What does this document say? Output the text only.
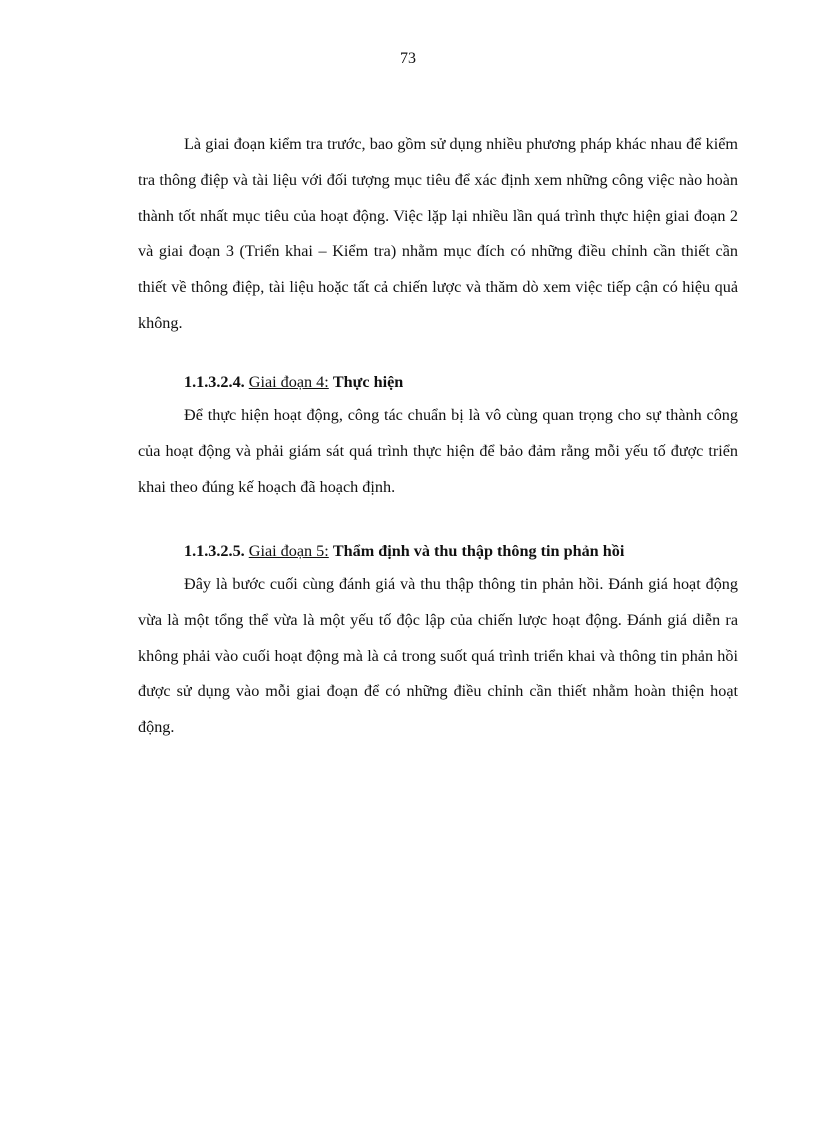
73

Là giai đoạn kiểm tra trước, bao gồm sử dụng nhiều phương pháp khác nhau để kiểm tra thông điệp và tài liệu với đối tượng mục tiêu để xác định xem những công việc nào hoàn thành tốt nhất mục tiêu của hoạt động. Việc lặp lại nhiều lần quá trình thực hiện giai đoạn 2 và giai đoạn 3 (Triển khai – Kiểm tra) nhằm mục đích có những điều chỉnh cần thiết cần thiết về thông điệp, tài liệu hoặc tất cả chiến lược và thăm dò xem việc tiếp cận có hiệu quả không.

1.1.3.2.4. Giai đoạn 4: Thực hiện

Để thực hiện hoạt động, công tác chuẩn bị là vô cùng quan trọng cho sự thành công của hoạt động và phải giám sát quá trình thực hiện để bảo đảm rằng mỗi yếu tố được triển khai theo đúng kế hoạch đã hoạch định.

1.1.3.2.5. Giai đoạn 5: Thẩm định và thu thập thông tin phản hồi

Đây là bước cuối cùng đánh giá và thu thập thông tin phản hồi. Đánh giá hoạt động vừa là một tổng thể vừa là một yếu tố độc lập của chiến lược hoạt động. Đánh giá diễn ra không phải vào cuối hoạt động mà là cả trong suốt quá trình triển khai và thông tin phản hồi được sử dụng vào mỗi giai đoạn để có những điều chỉnh cần thiết nhằm hoàn thiện hoạt động.
